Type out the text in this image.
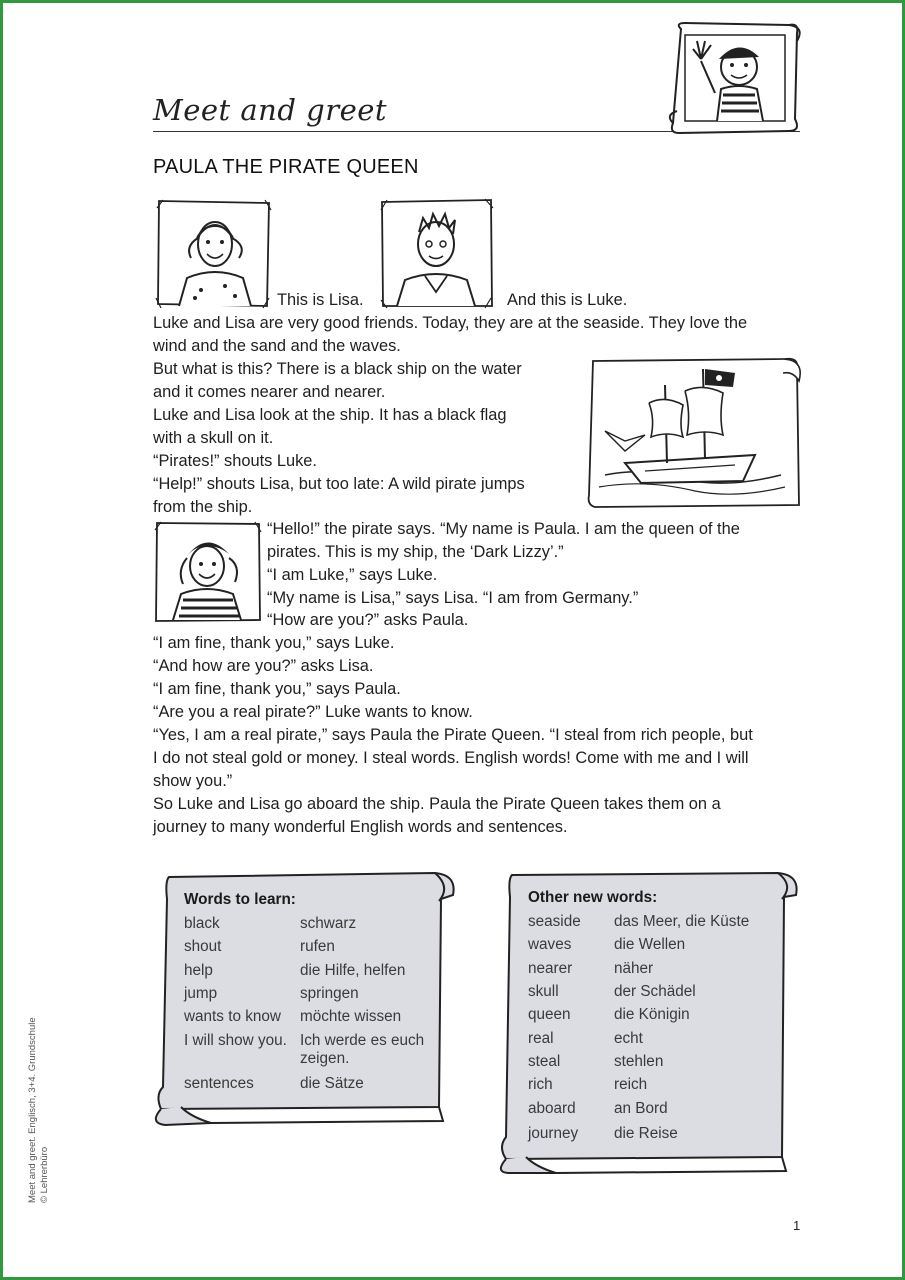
Meet and greet
PAULA THE PIRATE QUEEN
This is Lisa.	And this is Luke.
Luke and Lisa are very good friends. Today, they are at the seaside. They love the
wind and the sand and the waves.
But what is this? There is a black ship on the water
and it comes nearer and nearer.
Luke and Lisa look at the ship. It has a black flag
with a skull on it.
“Pirates!” shouts Luke.
“Help!” shouts Lisa, but too late: A wild pirate jumps
from the ship.
“Hello!” the pirate says. “My name is Paula. I am the queen of the
pirates. This is my ship, the ‘Dark Lizzy’.”
“I am Luke,” says Luke.
“My name is Lisa,” says Lisa. “I am from Germany.”
“How are you?” asks Paula.
“I am fine, thank you,” says Luke.
“And how are you?” asks Lisa.
“I am fine, thank you,” says Paula.
“Are you a real pirate?” Luke wants to know.
“Yes, I am a real pirate,” says Paula the Pirate Queen. “I steal from rich people, but
I do not steal gold or money. I steal words. English words! Come with me and I will
show you.”
So Luke and Lisa go aboard the ship. Paula the Pirate Queen takes them on a
journey to many wonderful English words and sentences.
Words to learn:
black	schwarz
shout	rufen
help	die Hilfe, helfen
jump	springen
wants to know möchte wissen
I will show you. Ich werde es euch
zeigen.
sentences	die Sätze
Other new words:
seaside das Meer, die Küste
waves	die Wellen
nearer	näher
skull	der Schädel
queen	die Königin
real	echt
steal	stehlen
rich	reich
aboard	an Bord
journey die Reise
Meet and greet. Englisch, 3+4. Grundschule © Lehrerbüro
1
